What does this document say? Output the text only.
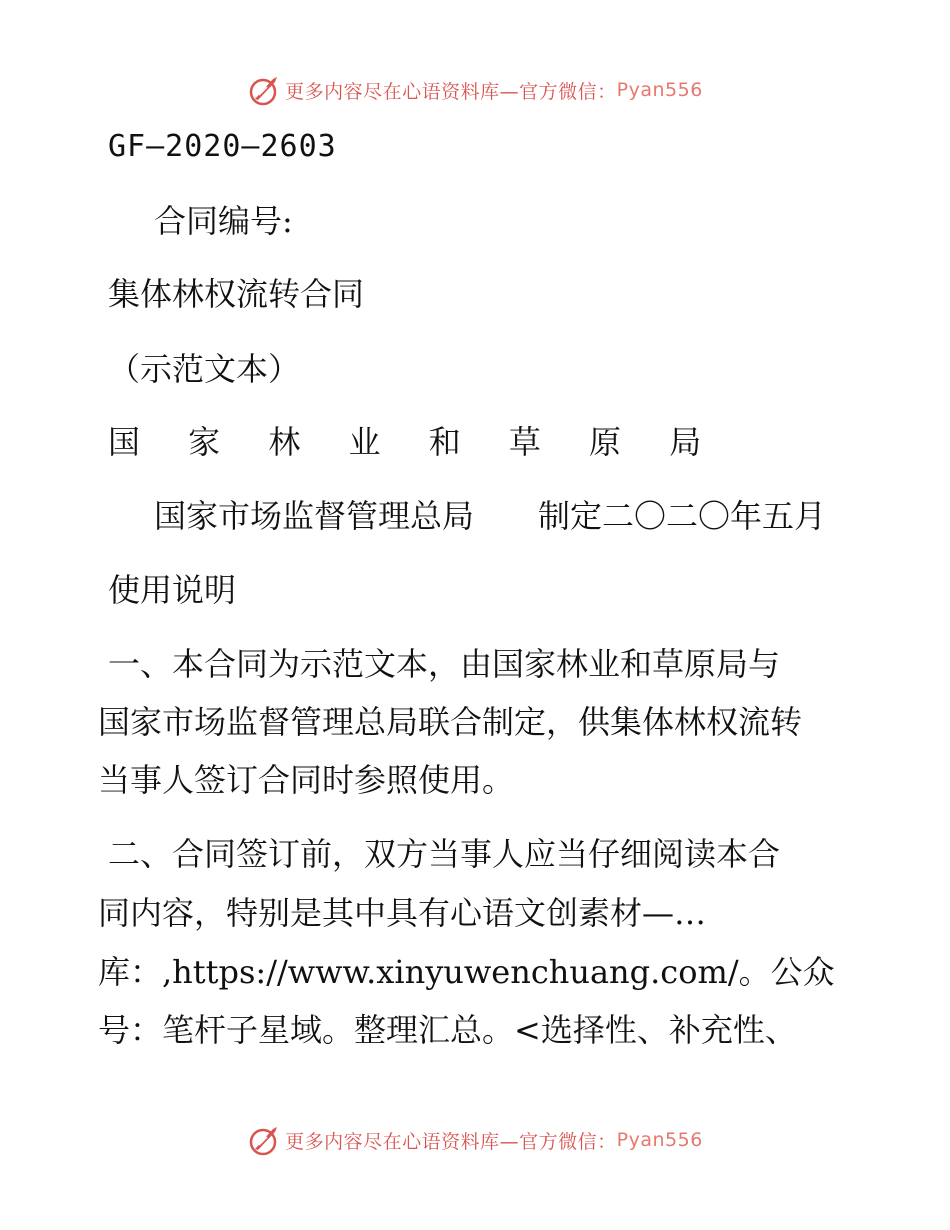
更多内容尽在心语资料库—官方微信： Pyan556
GF—2020—2603
合同编号:
集体林权流转合同
（示范文本）
国 家 林 业 和 草 原 局
国家市场监督管理总局　　制定二〇二〇年五月
使用说明
一、本合同为示范文本，由国家林业和草原局与
国家市场监督管理总局联合制定，供集体林权流转
当事人签订合同时参照使用。
二、合同签订前，双方当事人应当仔细阅读本合
同内容，特别是其中具有心语文创素材—…
库：,https://www.xinyuwenchuang.com/。公众
号：笔杆子星域。整理汇总。<选择性、补充性、
更多内容尽在心语资料库—官方微信： Pyan556
